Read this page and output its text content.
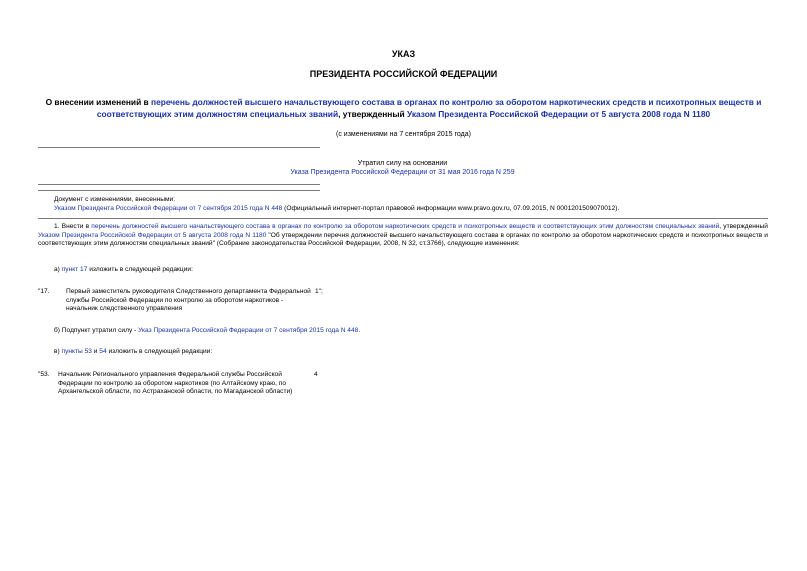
УКАЗ
ПРЕЗИДЕНТА РОССИЙСКОЙ ФЕДЕРАЦИИ
О внесении изменений в перечень должностей высшего начальствующего состава в органах по контролю за оборотом наркотических средств и психотропных веществ и соответствующих этим должностям специальных званий, утвержденный Указом Президента Российской Федерации от 5 августа 2008 года N 1180
(с изменениями на 7 сентября 2015 года)
Утратил силу на основании
Указа Президента Российской Федерации от 31 мая 2016 года N 259
Документ с изменениями, внесенными:
Указом Президента Российской Федерации от 7 сентября 2015 года N 448 (Официальный интернет-портал правовой информации www.pravo.gov.ru, 07.09.2015, N 0001201509070012).
1. Внести в перечень должностей высшего начальствующего состава в органах по контролю за оборотом наркотических средств и психотропных веществ и соответствующих этим должностям специальных званий, утвержденный Указом Президента Российской Федерации от 5 августа 2008 года N 1180 "Об утверждении перечня должностей высшего начальствующего состава в органах по контролю за оборотом наркотических средств и психотропных веществ и соответствующих этим должностям специальных званий" (Собрание законодательства Российской Федерации, 2008, N 32, ст.3766), следующие изменения:
а) пункт 17 изложить в следующей редакции:
"17. Первый заместитель руководителя Следственного департамента Федеральной службы Российской Федерации по контролю за оборотом наркотиков - начальник следственного управления
1";
б) Подпункт утратил силу - Указ Президента Российской Федерации от 7 сентября 2015 года N 448.
в) пункты 53 и 54 изложить в следующей редакции:
"53. Начальник Регионального управления Федеральной службы Российской Федерации по контролю за оборотом наркотиков (по Алтайскому краю, по Архангельской области, по Астраханской области, по Магаданской области)
4
